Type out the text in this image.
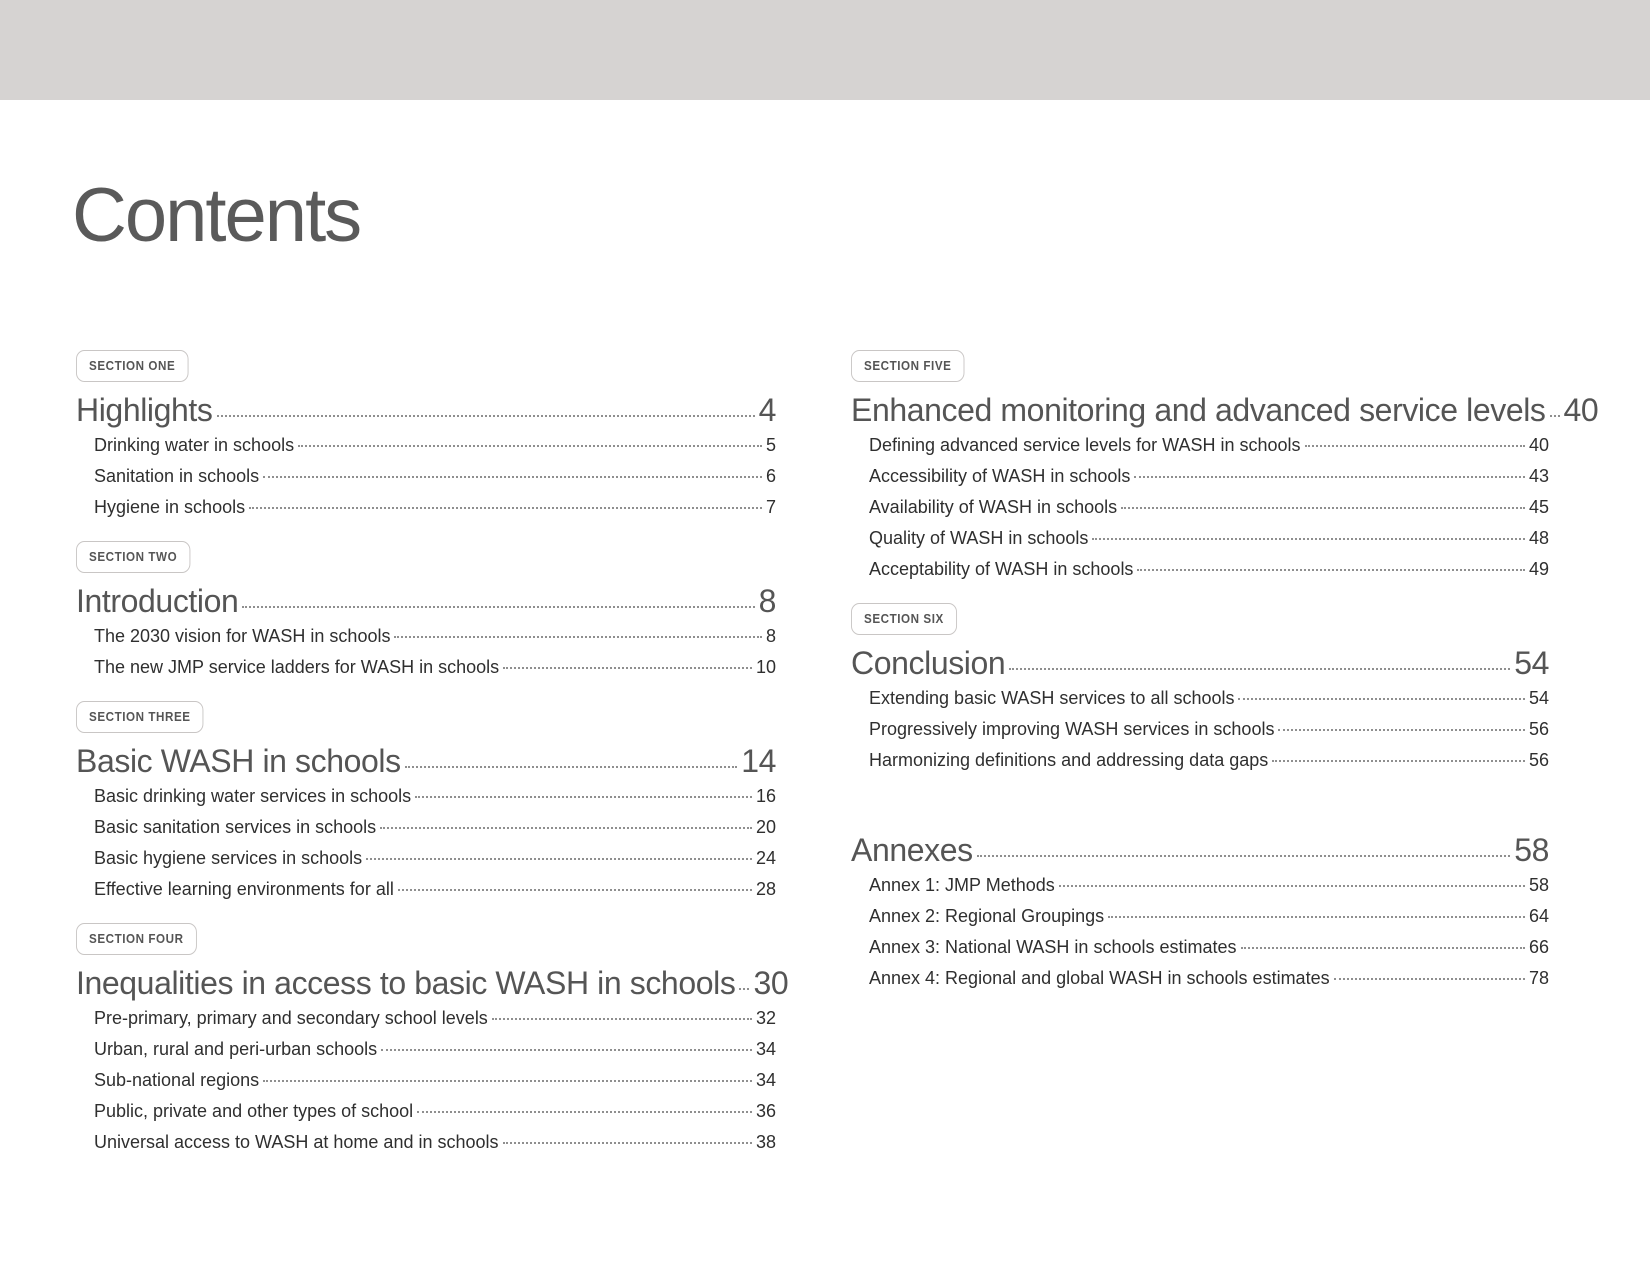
Contents
SECTION ONE
Highlights	4
Drinking water in schools	5
Sanitation in schools	6
Hygiene in schools	7
SECTION TWO
Introduction	8
The 2030 vision for WASH in schools	8
The new JMP service ladders for WASH in schools	10
SECTION THREE
Basic WASH in schools	14
Basic drinking water services in schools	16
Basic sanitation services in schools	20
Basic hygiene services in schools	24
Effective learning environments for all	28
SECTION FOUR
Inequalities in access to basic WASH in schools 30
Pre-primary, primary and secondary school levels	32
Urban, rural and peri-urban schools	34
Sub-national regions	34
Public, private and other types of school	36
Universal access to WASH at home and in schools	38
SECTION FIVE
Enhanced monitoring and advanced service levels 40
Defining advanced service levels for WASH in schools	40
Accessibility of WASH in schools	43
Availability of WASH in schools	45
Quality of WASH in schools	48
Acceptability of WASH in schools	49
SECTION SIX
Conclusion	54
Extending basic WASH services to all schools	54
Progressively improving WASH services in schools	56
Harmonizing definitions and addressing data gaps	56
Annexes	58
Annex 1: JMP Methods	58
Annex 2: Regional Groupings	64
Annex 3: National WASH in schools estimates	66
Annex 4: Regional and global WASH in schools estimates	78
